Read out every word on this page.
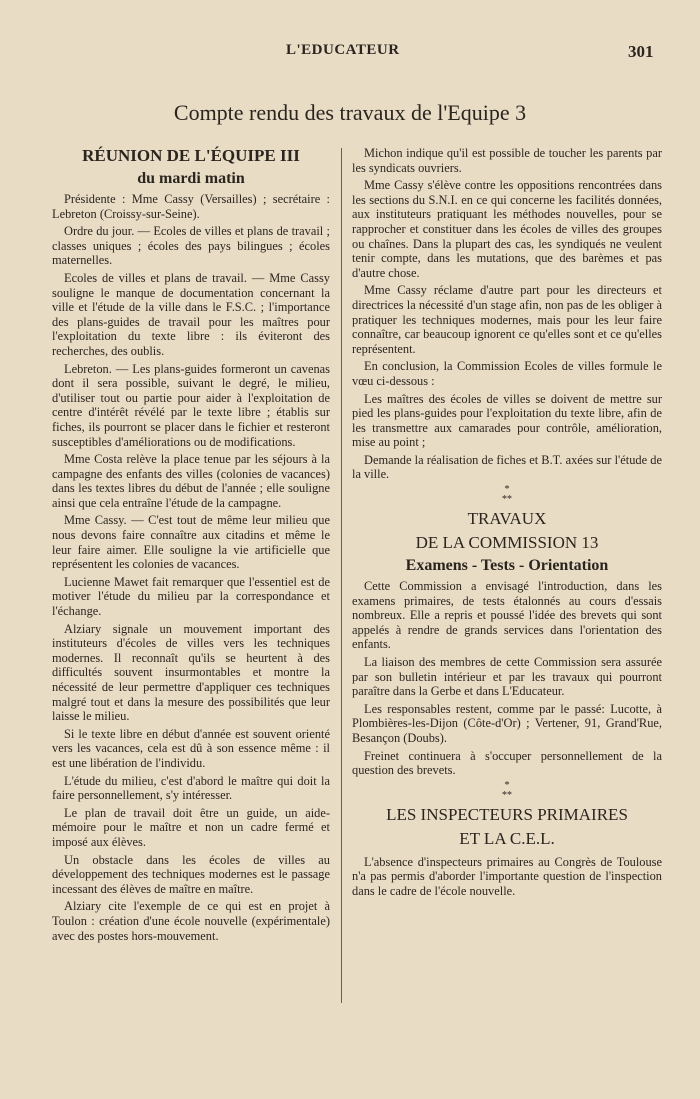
L'EDUCATEUR	301
Compte rendu des travaux de l'Equipe 3

RÉUNION DE L'ÉQUIPE III

du mardi matin

Présidente : Mme Cassy (Versailles) ; secrétaire : Lebreton (Croissy-sur-Seine).

Ordre du jour. — Ecoles de villes et plans de travail ; classes uniques ; écoles des pays bilingues ; écoles maternelles.

Ecoles de villes et plans de travail. — Mme Cassy souligne le manque de documentation concernant la ville et l'étude de la ville dans le F.S.C. ; l'importance des plans-guides de travail pour les maîtres pour l'exploitation du texte libre : ils éviteront des recherches, des oublis.

Lebreton. — Les plans-guides formeront un cavenas dont il sera possible, suivant le degré, le milieu, d'utiliser tout ou partie pour aider à l'exploitation de centre d'intérêt révélé par le texte libre ; établis sur fiches, ils pourront se placer dans le fichier et resteront susceptibles d'améliorations ou de modifications.

Mme Costa relève la place tenue par les séjours à la campagne des enfants des villes (colonies de vacances) dans les textes libres du début de l'année ; elle souligne ainsi que cela entraîne l'étude de la campagne.

Mme Cassy. — C'est tout de même leur milieu que nous devons faire connaître aux citadins et même le leur faire aimer. Elle souligne la vie artificielle que représentent les colonies de vacances.

Lucienne Mawet fait remarquer que l'essentiel est de motiver l'étude du milieu par la correspondance et l'échange.

Alziary signale un mouvement important des instituteurs d'écoles de villes vers les techniques modernes. Il reconnaît qu'ils se heurtent à des difficultés souvent insurmontables et montre la nécessité de leur permettre d'appliquer ces techniques malgré tout et dans la mesure des possibilités que leur laisse le milieu.

Si le texte libre en début d'année est souvent orienté vers les vacances, cela est dû à son essence même : il est une libération de l'individu.

L'étude du milieu, c'est d'abord le maître qui doit la faire personnellement, s'y intéresser.

Le plan de travail doit être un guide, un aide-mémoire pour le maître et non un cadre fermé et imposé aux élèves.

Un obstacle dans les écoles de villes au développement des techniques modernes est le passage incessant des élèves de maître en maître.

Alziary cite l'exemple de ce qui est en projet à Toulon : création d'une école nouvelle (expérimentale) avec des postes hors-mouvement.

Michon indique qu'il est possible de toucher les parents par les syndicats ouvriers.

Mme Cassy s'élève contre les oppositions rencontrées dans les sections du S.N.I. en ce qui concerne les facilités données, aux instituteurs pratiquant les méthodes nouvelles, pour se rapprocher et constituer dans les écoles de villes des groupes ou chaînes. Dans la plupart des cas, les syndiqués ne veulent tenir compte, dans les mutations, que des barèmes et pas d'autre chose.

Mme Cassy réclame d'autre part pour les directeurs et directrices la nécessité d'un stage afin, non pas de les obliger à pratiquer les techniques modernes, mais pour les leur faire connaître, car beaucoup ignorent ce qu'elles sont et ce qu'elles représentent.

En conclusion, la Commission Ecoles de villes formule le vœu ci-dessous :

Les maîtres des écoles de villes se doivent de mettre sur pied les plans-guides pour l'exploitation du texte libre, afin de les transmettre aux camarades pour contrôle, amélioration, mise au point ;

Demande la réalisation de fiches et B.T. axées sur l'étude de la ville.

*
**

TRAVAUX

DE LA COMMISSION 13

Examens - Tests - Orientation

Cette Commission a envisagé l'introduction, dans les examens primaires, de tests étalonnés au cours d'essais nombreux. Elle a repris et poussé l'idée des brevets qui sont appelés à rendre de grands services dans l'orientation des enfants.

La liaison des membres de cette Commission sera assurée par son bulletin intérieur et par les travaux qui pourront paraître dans la Gerbe et dans L'Educateur.

Les responsables restent, comme par le passé: Lucotte, à Plombières-les-Dijon (Côte-d'Or) ; Vertener, 91, Grand'Rue, Besançon (Doubs).

Freinet continuera à s'occuper personnellement de la question des brevets.

*
**

LES INSPECTEURS PRIMAIRES

ET LA C.E.L.

L'absence d'inspecteurs primaires au Congrès de Toulouse n'a pas permis d'aborder l'importante question de l'inspection dans le cadre de l'école nouvelle.
